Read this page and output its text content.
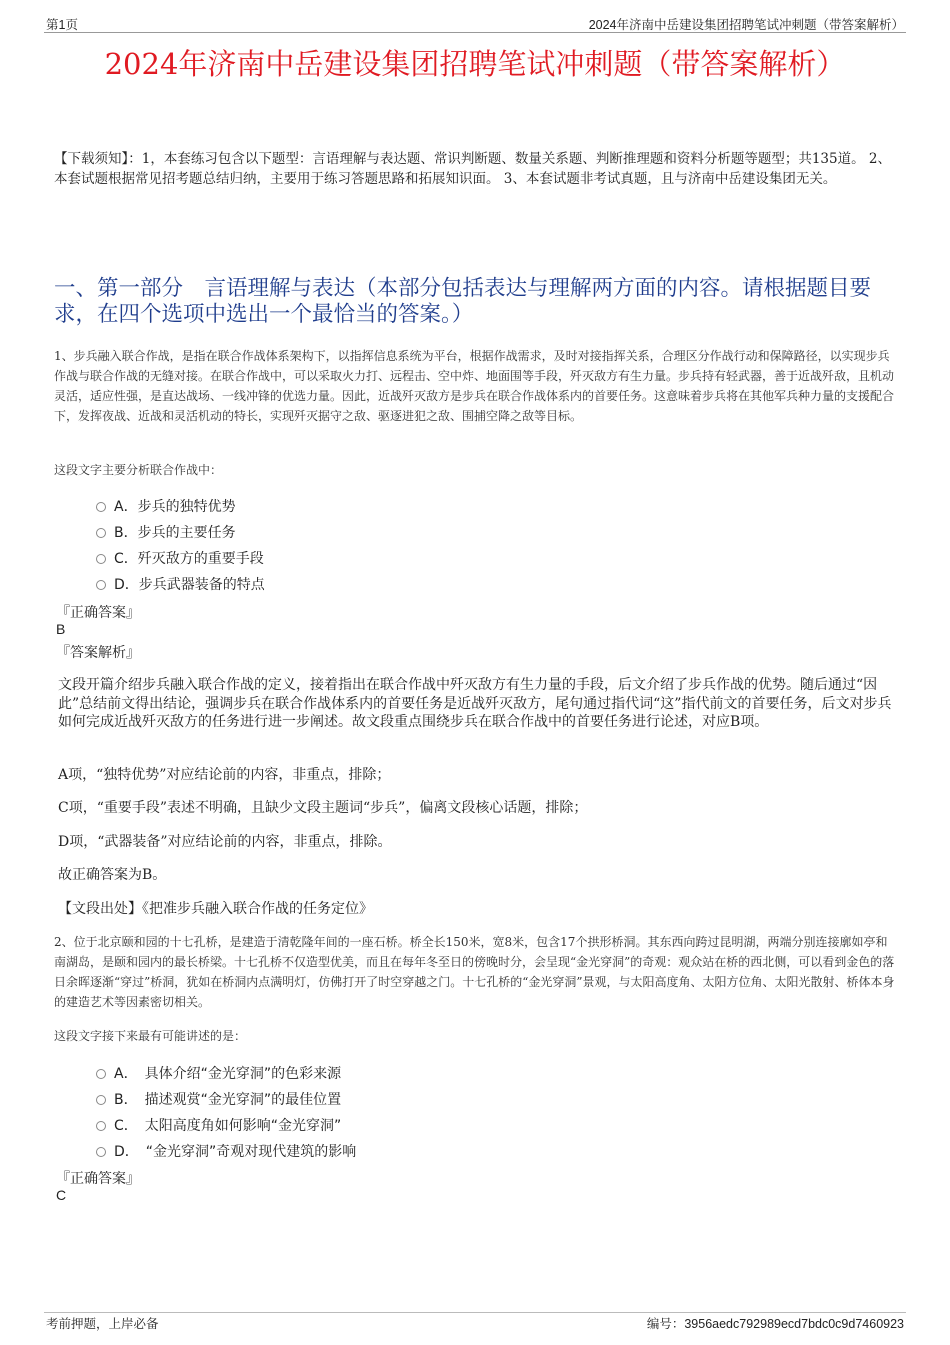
第1页	2024年济南中岳建设集团招聘笔试冲刺题（带答案解析）
2024年济南中岳建设集团招聘笔试冲刺题（带答案解析）
【下载须知】：1，本套练习包含以下题型：言语理解与表达题、常识判断题、数量关系题、判断推理题和资料分析题等题型；共135道。 2、本套试题根据常见招考题总结归纳，主要用于练习答题思路和拓展知识面。 3、本套试题非考试真题，且与济南中岳建设集团无关。
一、第一部分　言语理解与表达（本部分包括表达与理解两方面的内容。请根据题目要求，在四个选项中选出一个最恰当的答案。）
1、步兵融入联合作战，是指在联合作战体系架构下，以指挥信息系统为平台，根据作战需求，及时对接指挥关系，合理区分作战行动和保障路径，以实现步兵作战与联合作战的无缝对接。在联合作战中，可以采取火力打、远程击、空中炸、地面围等手段，歼灭敌方有生力量。步兵持有轻武器，善于近战歼敌，且机动灵活，适应性强，是直达战场、一线冲锋的优选力量。因此，近战歼灭敌方是步兵在联合作战体系内的首要任务。这意味着步兵将在其他军兵种力量的支援配合下，发挥夜战、近战和灵活机动的特长，实现歼灭据守之敌、驱逐进犯之敌、围捕空降之敌等目标。
这段文字主要分析联合作战中：
A．步兵的独特优势
B．步兵的主要任务
C．歼灭敌方的重要手段
D．步兵武器装备的特点
『正确答案』
B
『答案解析』
文段开篇介绍步兵融入联合作战的定义，接着指出在联合作战中歼灭敌方有生力量的手段，后文介绍了步兵作战的优势。随后通过“因此”总结前文得出结论，强调步兵在联合作战体系内的首要任务是近战歼灭敌方，尾句通过指代词“这”指代前文的首要任务，后文对步兵如何完成近战歼灭敌方的任务进行进一步阐述。故文段重点围绕步兵在联合作战中的首要任务进行论述，对应B项。
A项，“独特优势”对应结论前的内容，非重点，排除；
C项，“重要手段”表述不明确，且缺少文段主题词“步兵”，偏离文段核心话题，排除；
D项，“武器装备”对应结论前的内容，非重点，排除。
故正确答案为B。
【文段出处】《把准步兵融入联合作战的任务定位》
2、位于北京颐和园的十七孔桥，是建造于清乾隆年间的一座石桥。桥全长150米，宽8米，包含17个拱形桥洞。其东西向跨过昆明湖，两端分别连接廓如亭和南湖岛，是颐和园内的最长桥梁。十七孔桥不仅造型优美，而且在每年冬至日的傍晚时分，会呈现“金光穿洞”的奇观：观众站在桥的西北侧，可以看到金色的落日余晖逐渐“穿过”桥洞，犹如在桥洞内点满明灯，仿佛打开了时空穿越之门。十七孔桥的“金光穿洞”景观，与太阳高度角、太阳方位角、太阳光散射、桥体本身的建造艺术等因素密切相关。
这段文字接下来最有可能讲述的是：
A．　具体介绍“金光穿洞”的色彩来源
B．　描述观赏“金光穿洞”的最佳位置
C．　太阳高度角如何影响“金光穿洞”
D．　“金光穿洞”奇观对现代建筑的影响
『正确答案』
C
考前押题，上岸必备	编号：3956aedc792989ecd7bdc0c9d7460923
